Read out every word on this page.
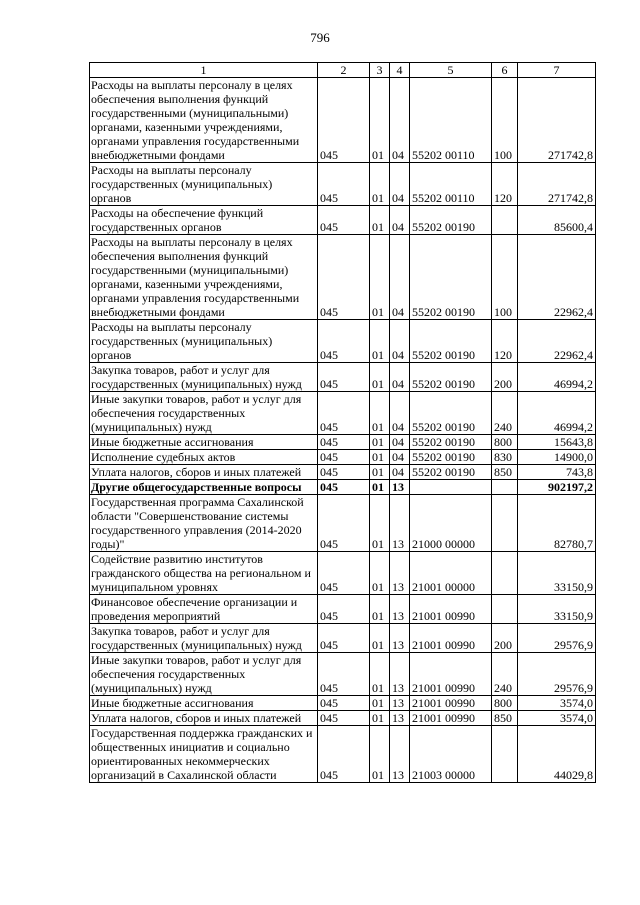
796
1	2	3	4	5	6	7
Расходы на выплаты персоналу в целях обеспечения выполнения функций государственными (муниципальными) органами, казенными учреждениями, органами управления государственными внебюджетными фондами	045	01	04	55202 00110	100	271742,8
Расходы на выплаты персоналу государственных (муниципальных) органов	045	01	04	55202 00110	120	271742,8
Расходы на обеспечение функций государственных органов	045	01	04	55202 00190		85600,4
Расходы на выплаты персоналу в целях обеспечения выполнения функций государственными (муниципальными) органами, казенными учреждениями, органами управления государственными внебюджетными фондами	045	01	04	55202 00190	100	22962,4
Расходы на выплаты персоналу государственных (муниципальных) органов	045	01	04	55202 00190	120	22962,4
Закупка товаров, работ и услуг для государственных (муниципальных) нужд	045	01	04	55202 00190	200	46994,2
Иные закупки товаров, работ и услуг для обеспечения государственных (муниципальных) нужд	045	01	04	55202 00190	240	46994,2
Иные бюджетные ассигнования	045	01	04	55202 00190	800	15643,8
Исполнение судебных актов	045	01	04	55202 00190	830	14900,0
Уплата налогов, сборов и иных платежей	045	01	04	55202 00190	850	743,8
Другие общегосударственные вопросы	045	01	13			902197,2
Государственная программа Сахалинской области "Совершенствование системы государственного управления (2014-2020 годы)"	045	01	13	21000 00000		82780,7
Содействие развитию институтов гражданского общества на региональном и муниципальном уровнях	045	01	13	21001 00000		33150,9
Финансовое обеспечение организации и проведения мероприятий	045	01	13	21001 00990		33150,9
Закупка товаров, работ и услуг для государственных (муниципальных) нужд	045	01	13	21001 00990	200	29576,9
Иные закупки товаров, работ и услуг для обеспечения государственных (муниципальных) нужд	045	01	13	21001 00990	240	29576,9
Иные бюджетные ассигнования	045	01	13	21001 00990	800	3574,0
Уплата налогов, сборов и иных платежей	045	01	13	21001 00990	850	3574,0
Государственная поддержка гражданских и общественных инициатив и социально ориентированных некоммерческих организаций в Сахалинской области	045	01	13	21003 00000		44029,8
